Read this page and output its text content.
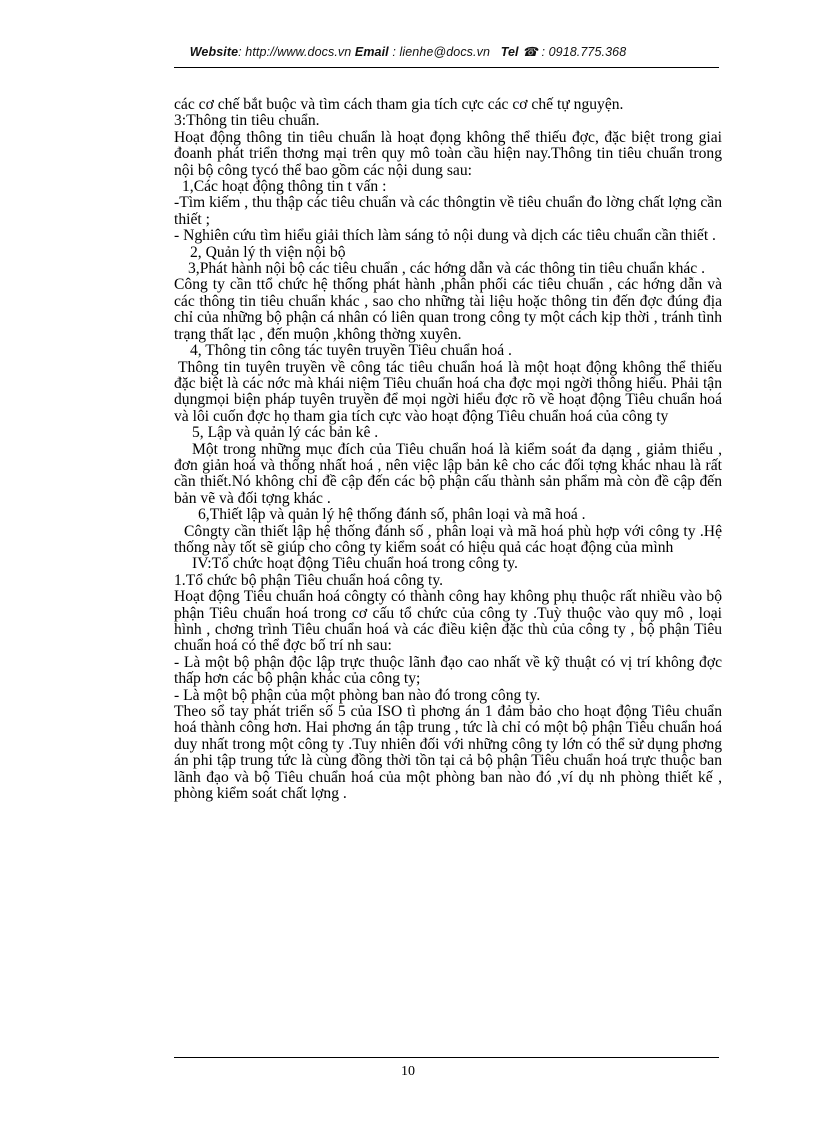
Website: http://www.docs.vn Email : lienhe@docs.vn Tel ☎ : 0918.775.368

các cơ chế bắt buộc và tìm cách tham gia tích cực các cơ chế tự nguyện.

3:Thông tin tiêu chuẩn.

Hoạt động thông tin tiêu chuẩn là hoạt đọng không thể thiếu đợc, đặc biệt trong giai đoanh phát triển thơng mại trên quy mô toàn cầu hiện nay.Thông tin tiêu chuẩn trong nội bộ công tycó thể bao gồm các nội dung sau:

1,Các hoạt động thông tin t vấn :

-Tìm kiếm , thu thập các tiêu chuẩn và các thôngtin về tiêu chuẩn đo lờng chất lợng cần thiết ;

- Nghiên cứu tìm hiểu giải thích làm sáng tỏ nội dung và dịch các tiêu chuẩn cần thiết .

2, Quản lý th viện nội bộ

3,Phát hành nội bộ các tiêu chuẩn , các hớng dẫn và các thông tin tiêu chuẩn khác .

Công ty cần ttổ chức hệ thống phát hành ,phân phối các tiêu chuẩn , các hớng dẫn và các thông tin tiêu chuẩn khác , sao cho những tài liệu hoặc thông tin đến đợc đúng địa chỉ của những bộ phận cá nhân có liên quan trong công ty một cách kịp thời , tránh tình trạng thất lạc , đến muộn ,không thờng xuyên.

4, Thông tin công tác tuyên truyền Tiêu chuẩn hoá .

Thông tin tuyên truyền về công tác tiêu chuẩn hoá là một hoạt động không thể thiếu đặc biệt là các nớc mà khái niệm Tiêu chuẩn hoá cha đợc mọi ngời thông hiểu. Phải tận dụngmọi biện pháp tuyên truyền để mọi ngời hiểu đợc rõ về hoạt động Tiêu chuẩn hoá và lôi cuốn đợc họ tham gia tích cực vào hoạt động Tiêu chuẩn hoá của công ty

5, Lập và quản lý các bản kê .

Một trong những mục đích của Tiêu chuẩn hoá là kiểm soát đa dạng , giảm thiểu , đơn giản hoá và thống nhất hoá , nên việc lập bản kê cho các đối tợng khác nhau là rất cần thiết.Nó không chỉ đề cập đến các bộ phận cấu thành sản phẩm mà còn đề cập đến bản vẽ và đối tợng khác .

6,Thiết lập và quản lý hệ thống đánh số, phân loại và mã hoá .

Côngty cần thiết lập hệ thống đánh số , phân loại và mã hoá phù hợp với công ty .Hệ thống này tốt sẽ giúp cho công ty kiểm soát có hiệu quả các hoạt động của mình

IV:Tổ chức hoạt động Tiêu chuẩn hoá trong công ty.

1.Tổ chức bộ phận Tiêu chuẩn hoá công ty.

Hoạt động Tiêu chuẩn hoá côngty có thành công hay không phụ thuộc rất nhiều vào bộ phận Tiêu chuẩn hoá trong cơ cấu tổ chức của công ty .Tuỳ thuộc vào quy mô , loại hình , chơng trình Tiêu chuẩn hoá và các điều kiện đặc thù của công ty , bộ phận Tiêu chuẩn hoá có thể đợc bố trí nh sau:

- Là một bộ phận độc lập trực thuộc lãnh đạo cao nhất về kỹ thuật có vị trí không đợc thấp hơn các bộ phận khác của công ty;

- Là một bộ phận của một phòng ban nào đó trong công ty.

Theo sổ tay phát triển số 5 của ISO tì phơng án 1 đảm bảo cho hoạt động Tiêu chuẩn hoá thành công hơn. Hai phơng án tập trung , tức là chỉ có một bộ phận Tiêu chuẩn hoá duy nhất trong một công ty .Tuy nhiên đối với những công ty lớn có thể sử dụng phơng án phi tập trung tức là cùng đồng thời tồn tại cả bộ phận Tiêu chuẩn hoá trực thuộc ban lãnh đạo và bộ Tiêu chuẩn hoá của một phòng ban nào đó ,ví dụ nh phòng thiết kế , phòng kiểm soát chất lợng .

10
